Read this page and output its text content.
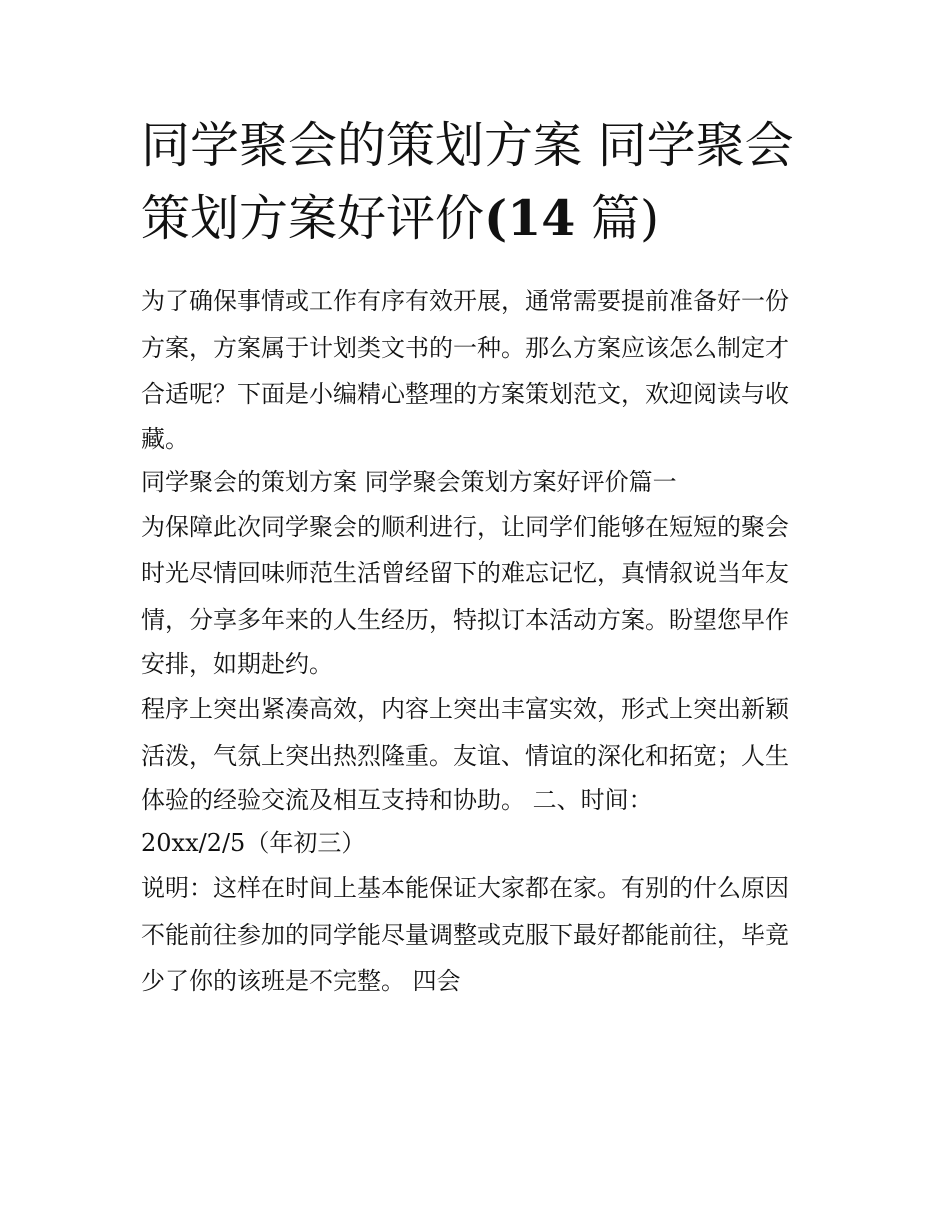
同学聚会的策划方案 同学聚会
策划方案好评价(14 篇)

为了确保事情或工作有序有效开展，通常需要提前准备好一份
方案，方案属于计划类文书的一种。那么方案应该怎么制定才
合适呢？下面是小编精心整理的方案策划范文，欢迎阅读与收
藏。

同学聚会的策划方案 同学聚会策划方案好评价篇一

为保障此次同学聚会的顺利进行，让同学们能够在短短的聚会
时光尽情回味师范生活曾经留下的难忘记忆，真情叙说当年友
情，分享多年来的人生经历，特拟订本活动方案。盼望您早作
安排，如期赴约。

程序上突出紧凑高效，内容上突出丰富实效，形式上突出新颖
活泼，气氛上突出热烈隆重。友谊、情谊的深化和拓宽；人生
体验的经验交流及相互支持和协助。 二、时间：

20xx/2/5（年初三）

说明：这样在时间上基本能保证大家都在家。有别的什么原因
不能前往参加的同学能尽量调整或克服下最好都能前往，毕竟
少了你的该班是不完整。 四会
